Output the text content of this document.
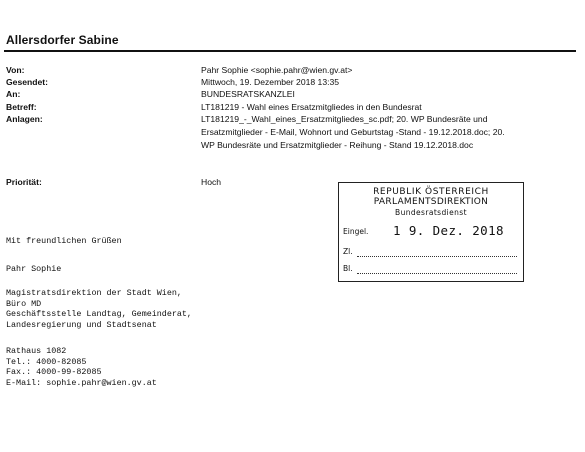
Allersdorfer Sabine
Von:	Pahr Sophie <sophie.pahr@wien.gv.at>
Gesendet:	Mittwoch, 19. Dezember 2018 13:35
An:	BUNDESRATSKANZLEI
Betreff:	LT181219 - Wahl eines Ersatzmitgliedes in den Bundesrat
Anlagen:	LT181219_-_Wahl_eines_Ersatzmitgliedes_sc.pdf; 20. WP Bundesräte und
Ersatzmitglieder - E-Mail, Wohnort und Geburtstag -Stand - 19.12.2018.doc; 20.
WP Bundesräte und Ersatzmitglieder - Reihung - Stand 19.12.2018.doc
Priorität:	Hoch
REPUBLIK ÖSTERREICH
PARLAMENTSDIREKTION
Bundesratsdienst
Eingel. 1 9. Dez. 2018
Zl.
Bl.
Mit freundlichen Grüßen
Pahr Sophie
Magistratsdirektion der Stadt Wien,
Büro MD
Geschäftsstelle Landtag, Gemeinderat,
Landesregierung und Stadtsenat
Rathaus 1082
Tel.: 4000-82085
Fax.: 4000-99-82085
E-Mail: sophie.pahr@wien.gv.at
